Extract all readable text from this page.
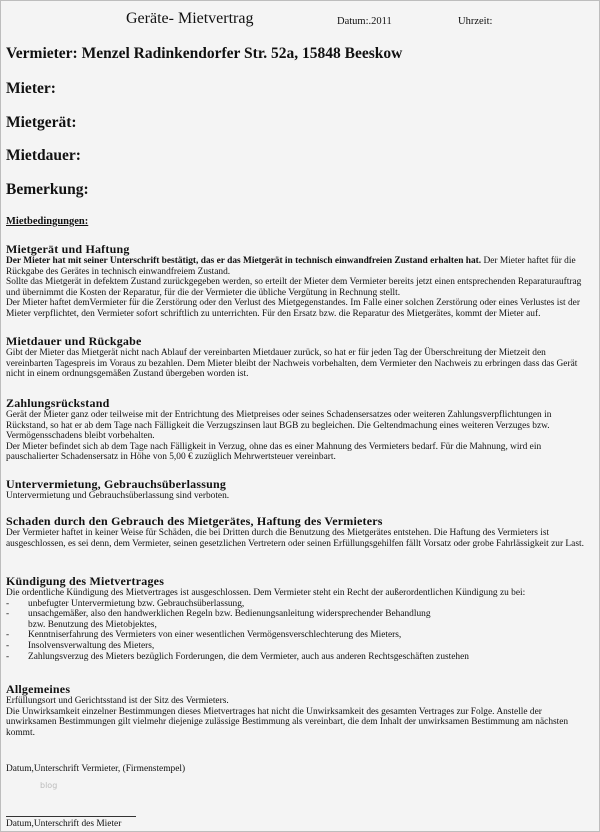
Geräte- Mietvertrag	Datum:.2011	Uhrzeit:
Vermieter: Menzel Radinkendorfer Str. 52a, 15848 Beeskow
Mieter:
Mietgerät:
Mietdauer:
Bemerkung:
Mietbedingungen:
Mietgerät und Haftung

Der Mieter hat mit seiner Unterschrift bestätigt, das er das Mietgerät in technisch einwandfreien Zustand erhalten hat. Der Mieter haftet für die Rückgabe des Gerätes in technisch einwandfreiem Zustand.

Sollte das Mietgerät in defektem Zustand zurückgegeben werden, so erteilt der Mieter dem Vermieter bereits jetzt einen entsprechenden Reparaturauftrag und übernimmt die Kosten der Reparatur, für die der Vermieter die übliche Vergütung in Rechnung stellt.

Der Mieter haftet demVermieter für die Zerstörung oder den Verlust des Mietgegenstandes. Im Falle einer solchen Zerstörung oder eines Verlustes ist der Mieter verpflichtet, den Vermieter sofort schriftlich zu unterrichten. Für den Ersatz bzw. die Reparatur des Mietgerätes, kommt der Mieter auf.

Mietdauer und Rückgabe

Gibt der Mieter das Mietgerät nicht nach Ablauf der vereinbarten Mietdauer zurück, so hat er für jeden Tag der Überschreitung der Mietzeit den vereinbarten Tagespreis im Voraus zu bezahlen. Dem Mieter bleibt der Nachweis vorbehalten, dem Vermieter den Nachweis zu erbringen dass das Gerät nicht in einem ordnungsgemäßen Zustand übergeben worden ist.

Zahlungsrückstand

Gerät der Mieter ganz oder teilweise mit der Entrichtung des Mietpreises oder seines Schadensersatzes oder weiteren Zahlungsverpflichtungen in Rückstand, so hat er ab dem Tage nach Fälligkeit die Verzugszinsen laut BGB zu begleichen. Die Geltendmachung eines weiteren Verzuges bzw. Vermögensschadens bleibt vorbehalten.

Der Mieter befindet sich ab dem Tage nach Fälligkeit in Verzug, ohne das es einer Mahnung des Vermieters bedarf. Für die Mahnung, wird ein pauschalierter Schadensersatz in Höhe von 5,00 € zuzüglich Mehrwertsteuer vereinbart.

Untervermietung, Gebrauchsüberlassung

Untervermietung und Gebrauchsüberlassung sind verboten.

Schaden durch den Gebrauch des Mietgerätes, Haftung des Vermieters

Der Vermieter haftet in keiner Weise für Schäden, die bei Dritten durch die Benutzung des Mietgerätes entstehen. Die Haftung des Vermieters ist ausgeschlossen, es sei denn, dem Vermieter, seinen gesetzlichen Vertretern oder seinen Erfüllungsgehilfen fällt Vorsatz oder grobe Fahrlässigkeit zur Last.

Kündigung des Mietvertrages

Die ordentliche Kündigung des Mietvertrages ist ausgeschlossen. Dem Vermieter steht ein Recht der außerordentlichen Kündigung zu bei:

-	unbefugter Untervermietung bzw. Gebrauchsüberlassung,
-	unsachgemäßer, also den handwerklichen Regeln bzw. Bedienungsanleitung widersprechender Behandlung
bzw. Benutzung des Mietobjektes,
-	Kenntniserfahrung des Vermieters von einer wesentlichen Vermögensverschlechterung des Mieters,
-	Insolvensverwaltung des Mieters,
-	Zahlungsverzug des Mieters bezüglich Forderungen, die dem Vermieter, auch aus anderen Rechtsgeschäften zustehen
Allgemeines

Erfüllungsort und Gerichtsstand ist der Sitz des Vermieters.

Die Unwirksamkeit einzelner Bestimmungen dieses Mietvertrages hat nicht die Unwirksamkeit des gesamten Vertrages zur Folge. Anstelle der unwirksamen Bestimmungen gilt vielmehr diejenige zulässige Bestimmung als vereinbart, die dem Inhalt der unwirksamen Bestimmung am nächsten kommt.

Datum,Unterschrift Vermieter, (Firmenstempel)
blog
Datum,Unterschrift des Mieter
